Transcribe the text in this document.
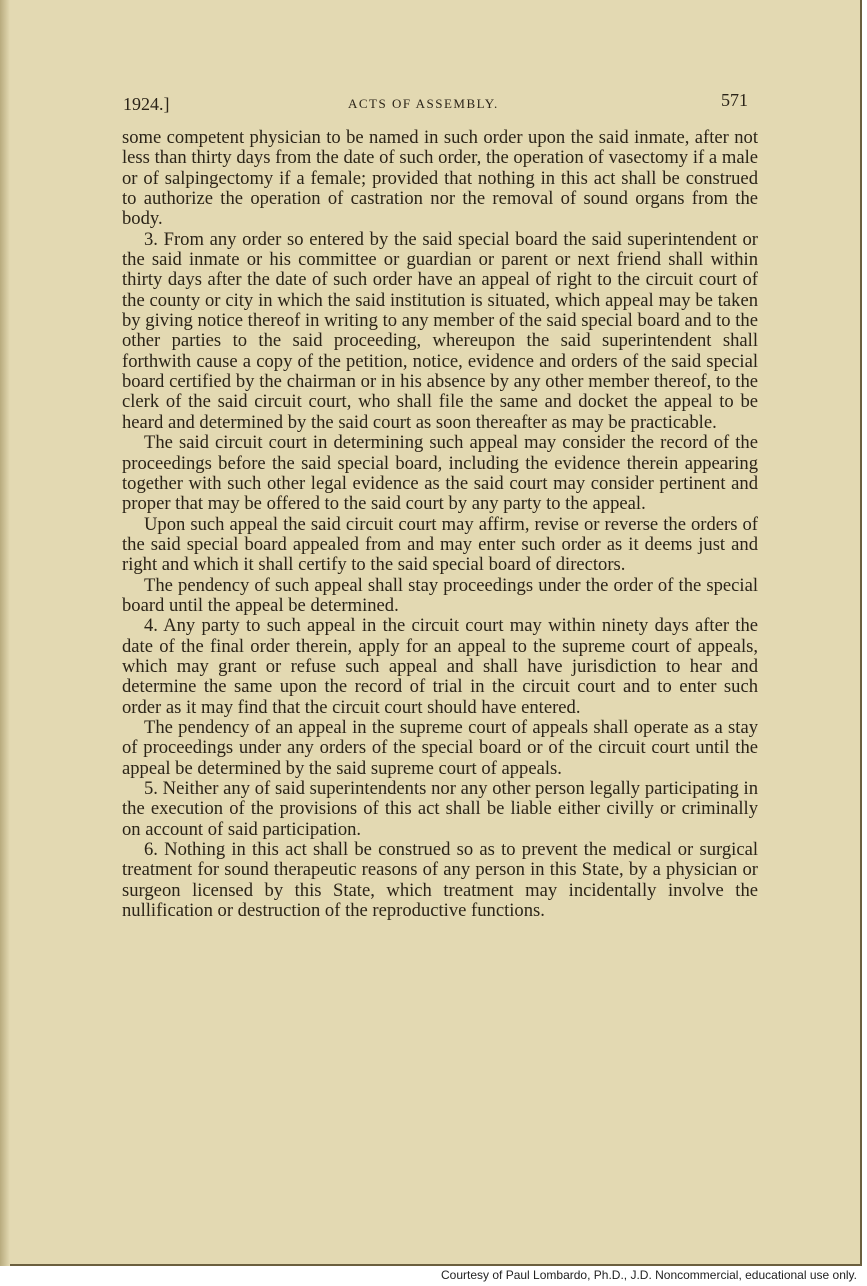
1924.]	ACTS OF ASSEMBLY.	571

some competent physician to be named in such order upon the said inmate, after not less than thirty days from the date of such order, the operation of vasectomy if a male or of salpingectomy if a female; provided that nothing in this act shall be construed to authorize the operation of castration nor the removal of sound organs from the body.

3. From any order so entered by the said special board the said superintendent or the said inmate or his committee or guardian or parent or next friend shall within thirty days after the date of such order have an appeal of right to the circuit court of the county or city in which the said institution is situated, which appeal may be taken by giving notice thereof in writing to any member of the said special board and to the other parties to the said proceeding, whereupon the said superintendent shall forthwith cause a copy of the petition, notice, evidence and orders of the said special board certified by the chairman or in his absence by any other member thereof, to the clerk of the said circuit court, who shall file the same and docket the appeal to be heard and determined by the said court as soon thereafter as may be practicable.

The said circuit court in determining such appeal may consider the record of the proceedings before the said special board, including the evidence therein appearing together with such other legal evidence as the said court may consider pertinent and proper that may be offered to the said court by any party to the appeal.

Upon such appeal the said circuit court may affirm, revise or reverse the orders of the said special board appealed from and may enter such order as it deems just and right and which it shall certify to the said special board of directors.

The pendency of such appeal shall stay proceedings under the order of the special board until the appeal be determined.

4. Any party to such appeal in the circuit court may within ninety days after the date of the final order therein, apply for an appeal to the supreme court of appeals, which may grant or refuse such appeal and shall have jurisdiction to hear and determine the same upon the record of trial in the circuit court and to enter such order as it may find that the circuit court should have entered.

The pendency of an appeal in the supreme court of appeals shall operate as a stay of proceedings under any orders of the special board or of the circuit court until the appeal be determined by the said supreme court of appeals.

5. Neither any of said superintendents nor any other person legally participating in the execution of the provisions of this act shall be liable either civilly or criminally on account of said participation.

6. Nothing in this act shall be construed so as to prevent the medical or surgical treatment for sound therapeutic reasons of any person in this State, by a physician or surgeon licensed by this State, which treatment may incidentally involve the nullification or destruction of the reproductive functions.

Courtesy of Paul Lombardo, Ph.D., J.D. Noncommercial, educational use only.
